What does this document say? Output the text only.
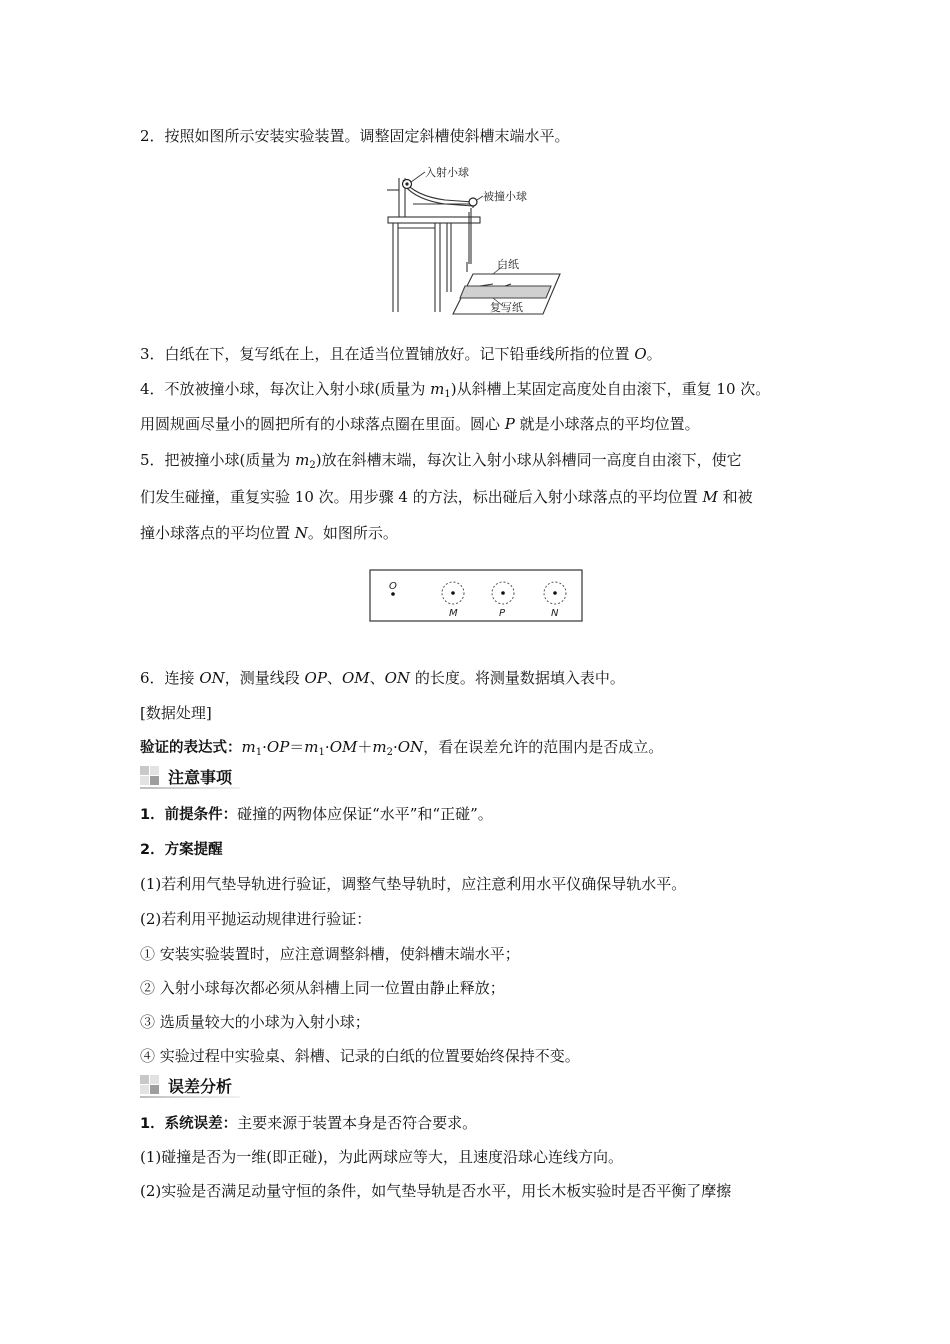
2．按照如图所示安装实验装置。调整固定斜槽使斜槽末端水平。
入射小球
被撞小球
白纸
复写纸
3．白纸在下，复写纸在上，且在适当位置铺放好。记下铅垂线所指的位置 O。
4．不放被撞小球，每次让入射小球(质量为 $m_1$)从斜槽上某固定高度处自由滚下，重复 10 次。
用圆规画尽量小的圆把所有的小球落点圈在里面。圆心 P 就是小球落点的平均位置。
5．把被撞小球(质量为 $m_2$)放在斜槽末端，每次让入射小球从斜槽同一高度自由滚下，使它
们发生碰撞，重复实验 10 次。用步骤 4 的方法，标出碰后入射小球落点的平均位置 M 和被
撞小球落点的平均位置 N。如图所示。
O
M	P	N
6．连接 ON，测量线段 OP、OM、ON 的长度。将测量数据填入表中。
[数据处理]
验证的表达式：$m_1\cdot OP=m_1\cdot OM+m_2\cdot ON$，看在误差允许的范围内是否成立。
注意事项
1．前提条件：碰撞的两物体应保证“水平”和“正碰”。
2．方案提醒
(1)若利用气垫导轨进行验证，调整气垫导轨时，应注意利用水平仪确保导轨水平。
(2)若利用平抛运动规律进行验证：
① 安装实验装置时，应注意调整斜槽，使斜槽末端水平；
② 入射小球每次都必须从斜槽上同一位置由静止释放；
③ 选质量较大的小球为入射小球；
④ 实验过程中实验桌、斜槽、记录的白纸的位置要始终保持不变。
误差分析
1．系统误差：主要来源于装置本身是否符合要求。
(1)碰撞是否为一维(即正碰)，为此两球应等大，且速度沿球心连线方向。
(2)实验是否满足动量守恒的条件，如气垫导轨是否水平，用长木板实验时是否平衡了摩擦
